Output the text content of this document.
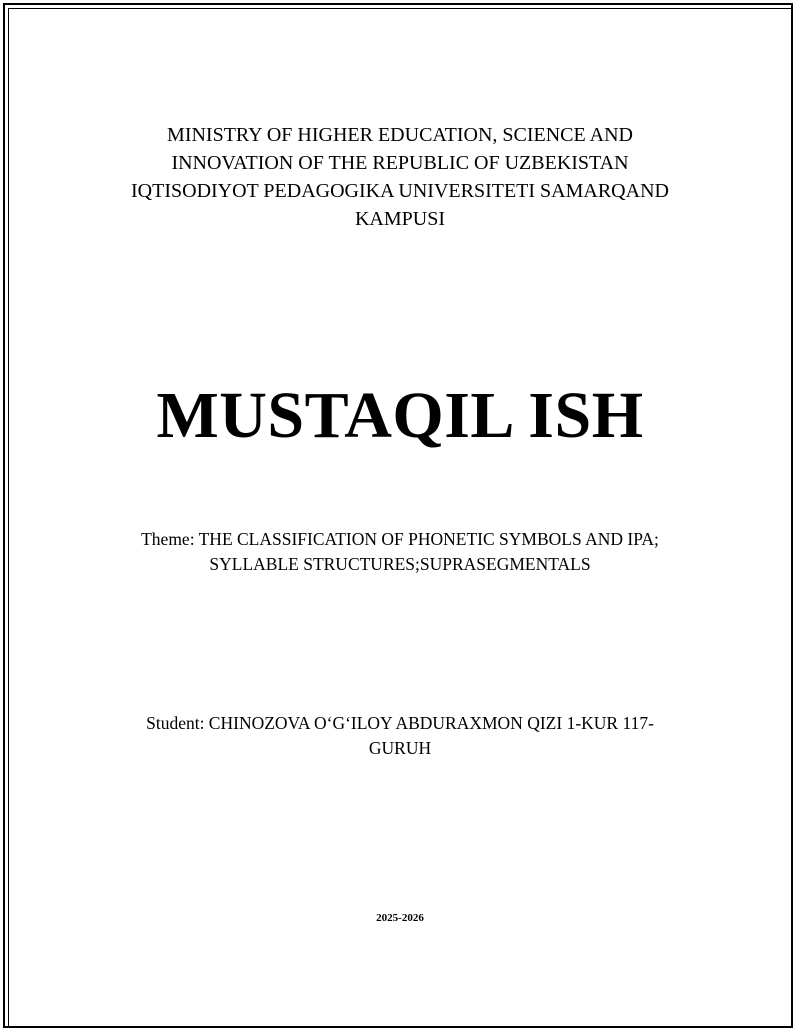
MINISTRY OF HIGHER EDUCATION, SCIENCE AND
INNOVATION OF THE REPUBLIC OF UZBEKISTAN
IQTISODIYOT PEDAGOGIKA UNIVERSITETI SAMARQAND
KAMPUSI
MUSTAQIL ISH
Theme: THE CLASSIFICATION OF PHONETIC SYMBOLS AND IPA;
SYLLABLE STRUCTURES;SUPRASEGMENTALS
Student: CHINOZOVA O‘G‘ILOY ABDURAXMON QIZI 1-KUR 117-
GURUH
2025-2026
